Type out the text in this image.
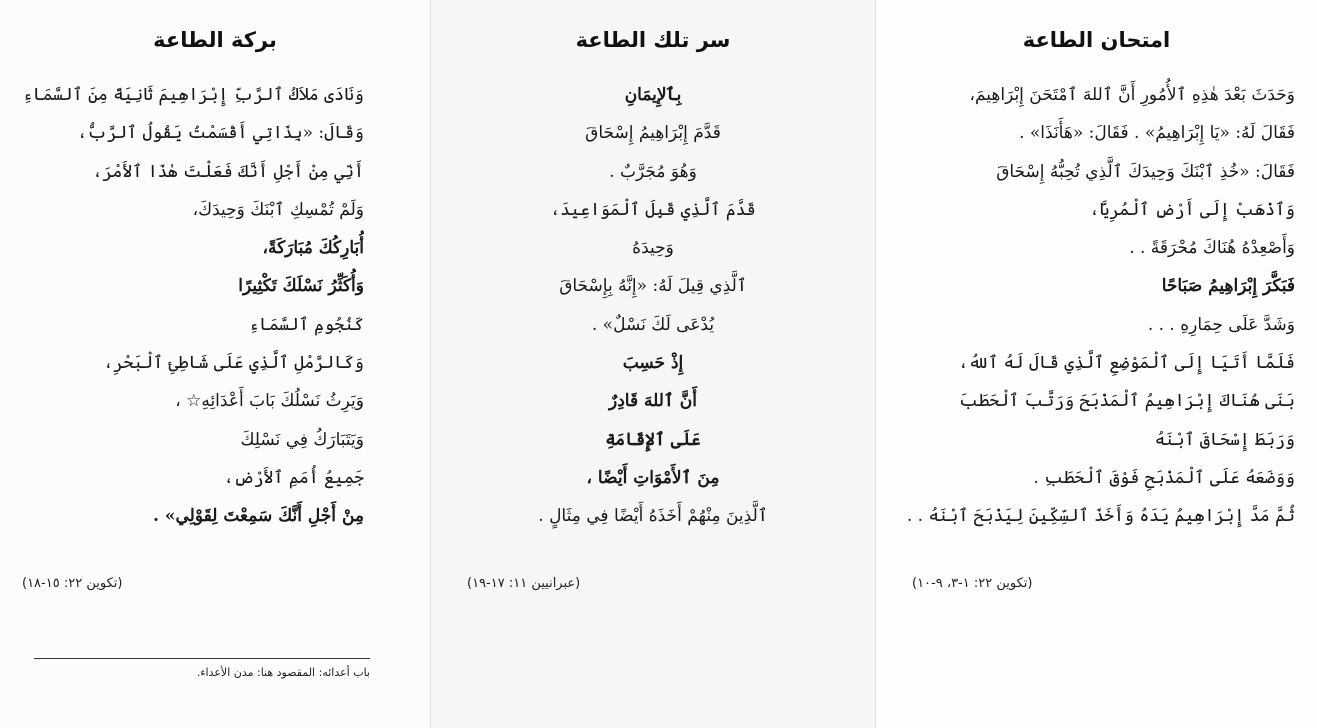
بركة الطاعة
وَنَادَى مَلاَكُ ٱلرَّبِّ إِبْرَاهِيمَ ثَانِيَةً مِنَ ٱلسَّمَاءِ
وَقَالَ: «بِذَاتِي أَقْسَمْتُ يَقُولُ ٱلرَّبُّ،
أَنِّي مِنْ أَجْلِ أَنَّكَ فَعَلْتَ هٰذَا ٱلأَمْرَ،
وَلَمْ تُمْسِكِ ٱبْنَكَ وَحِيدَكَ،
أُبَارِكُكَ مُبَارَكَةً،
وَأُكَثِّرُ نَسْلَكَ تَكْثِيرًا
كَنُجُومِ ٱلسَّمَاءِ
وَكَالرَّمْلِ ٱلَّذِي عَلَى شَاطِئِ ٱلْبَحْرِ،
وَيَرِثُ نَسْلُكَ بَابَ أَعْدَائِهِ☆ ،
وَيَتَبَارَكُ فِي نَسْلِكَ
جَمِيعُ أُمَمِ ٱلأَرْضِ،
مِنْ أَجْلِ أَنَّكَ سَمِعْتَ لِقَوْلِي» .
(تكوين ٢٢: ١٥-١٨)
باب أعدائه: المقصود هنا: مدن الأعداء.
سر تلك الطاعة
بِٱلإِيمَانِ
قَدَّمَ إِبْرَاهِيمُ إِسْحَاقَ
وَهُوَ مُجَرَّبٌ .
قَدَّمَ ٱلَّذِي قَبِلَ ٱلْمَوَاعِيدَ،
وَحِيدَهُ
ٱلَّذِي قِيلَ لَهُ: «إِنَّهُ بِإِسْحَاقَ
يُدْعَى لَكَ نَسْلٌ» .
إِذْ حَسِبَ
أَنَّ ٱللهَ قَادِرٌ
عَلَى ٱلإِقَامَةِ
مِنَ ٱلأَمْوَاتِ أَيْضًا ،
ٱلَّذِينَ مِنْهُمْ أَخَذَهُ أَيْضًا فِي مِثَالٍ .
(عبرانيين ١١: ١٧-١٩)
امتحان الطاعة
وَحَدَثَ بَعْدَ هٰذِهِ ٱلأُمُورِ أَنَّ ٱللهَ ٱمْتَحَنَ إِبْرَاهِيمَ،
فَقَالَ لَهُ: «يَا إِبْرَاهِيمُ» . فَقَالَ: «هَأَنَذَا» .
فَقَالَ: «خُذِ ٱبْنَكَ وَحِيدَكَ ٱلَّذِي تُحِبُّهُ إِسْحَاقَ
وَٱذْهَبْ إِلَى أَرْضِ ٱلْمُرِيَّا،
وَأَصْعِدْهُ هُنَاكَ مُحْرَقَةً . .
فَبَكَّرَ إِبْرَاهِيمُ صَبَاحًا
وَشَدَّ عَلَى حِمَارِهِ . . .
فَلَمَّا أَتَيَا إِلَى ٱلْمَوْضِعِ ٱلَّذِي قَالَ لَهُ ٱللهُ،
بَنَى هُنَاكَ إِبْرَاهِيمُ ٱلْمَذْبَحَ وَرَتَّبَ ٱلْحَطَبَ
وَرَبَطَ إِسْحَاقَ ٱبْنَهُ
وَوَضَعَهُ عَلَى ٱلْمَذْبَحِ فَوْقَ ٱلْحَطَبِ .
ثُمَّ مَدَّ إِبْرَاهِيمُ يَدَهُ وَأَخَذَ ٱلسِّكِّينَ لِيَذْبَحَ ٱبْنَهُ . .
(تكوين ٢٢: ١-٣، ٩-١٠)
